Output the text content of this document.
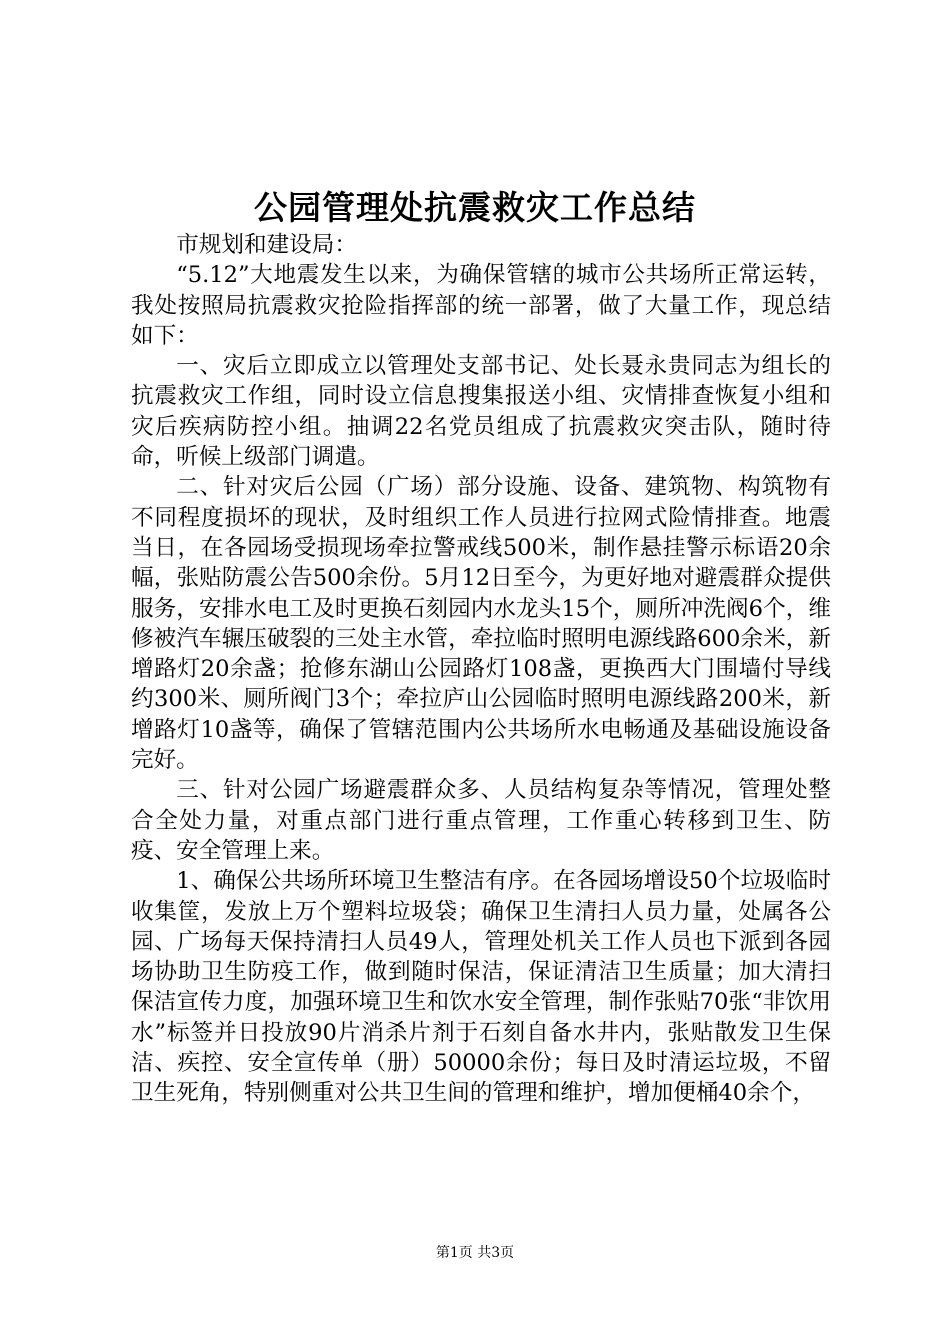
公园管理处抗震救灾工作总结

市规划和建设局：

“5.12”大地震发生以来，为确保管辖的城市公共场所正常运转，我处按照局抗震救灾抢险指挥部的统一部署，做了大量工作，现总结如下：

一、灾后立即成立以管理处支部书记、处长聂永贵同志为组长的抗震救灾工作组，同时设立信息搜集报送小组、灾情排查恢复小组和灾后疾病防控小组。抽调22名党员组成了抗震救灾突击队，随时待命，听候上级部门调遣。

二、针对灾后公园（广场）部分设施、设备、建筑物、构筑物有不同程度损坏的现状，及时组织工作人员进行拉网式险情排查。地震当日，在各园场受损现场牵拉警戒线500米，制作悬挂警示标语20余幅，张贴防震公告500余份。5月12日至今，为更好地对避震群众提供服务，安排水电工及时更换石刻园内水龙头15个，厕所冲洗阀6个，维修被汽车辗压破裂的三处主水管，牵拉临时照明电源线路600余米，新增路灯20余盏；抢修东湖山公园路灯108盏，更换西大门围墙付导线约300米、厕所阀门3个；牵拉庐山公园临时照明电源线路200米，新增路灯10盏等，确保了管辖范围内公共场所水电畅通及基础设施设备完好。

三、针对公园广场避震群众多、人员结构复杂等情况，管理处整合全处力量，对重点部门进行重点管理，工作重心转移到卫生、防疫、安全管理上来。

1、确保公共场所环境卫生整洁有序。在各园场增设50个垃圾临时收集筐，发放上万个塑料垃圾袋；确保卫生清扫人员力量，处属各公园、广场每天保持清扫人员49人，管理处机关工作人员也下派到各园场协助卫生防疫工作，做到随时保洁，保证清洁卫生质量；加大清扫保洁宣传力度，加强环境卫生和饮水安全管理，制作张贴70张“非饮用水”标签并日投放90片消杀片剂于石刻自备水井内，张贴散发卫生保洁、疾控、安全宣传单（册）50000余份；每日及时清运垃圾，不留卫生死角，特别侧重对公共卫生间的管理和维护，增加便桶40余个，

第1页 共3页
